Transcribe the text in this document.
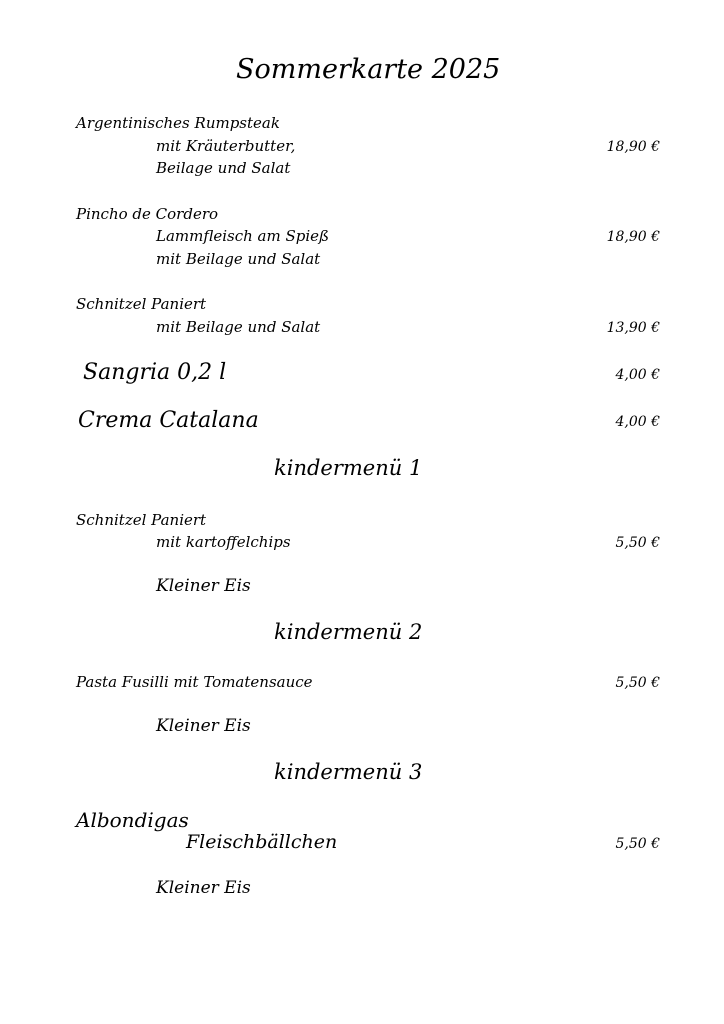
Sommerkarte 2025
Argentinisches Rumpsteak
mit Kräuterbutter,	18,90 €
Beilage und Salat
Pincho de Cordero
Lammfleisch am Spieß	18,90 €
mit Beilage und Salat
Schnitzel Paniert
mit Beilage und Salat	13,90 €
Sangria 0,2 l	4,00 €
Crema Catalana	4,00 €
kindermenü 1
Schnitzel Paniert
mit kartoffelchips	5,50 €
Kleiner Eis
kindermenü 2
Pasta Fusilli mit Tomatensauce	5,50 €
Kleiner Eis
kindermenü 3
Albondigas
Fleischbällchen	5,50 €
Kleiner Eis
